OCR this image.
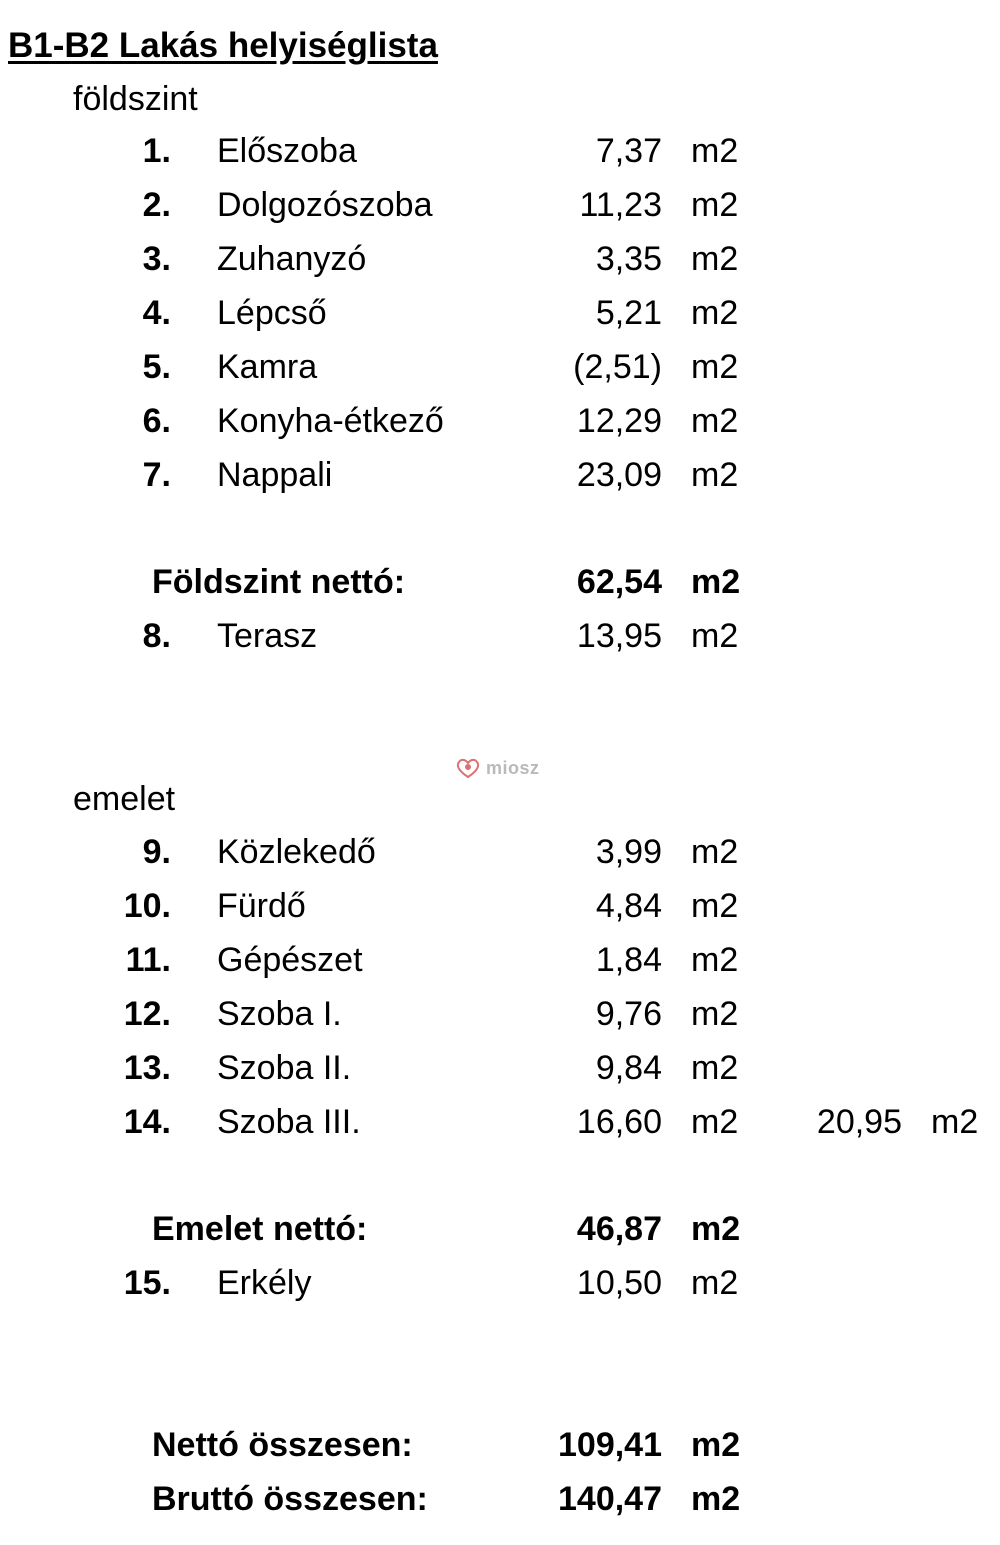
B1-B2 Lakás helyiséglista
földszint
1. Előszoba	7,37 m2
2. Dolgozószoba	11,23 m2
3. Zuhanyzó	3,35 m2
4. Lépcső	5,21 m2
5. Kamra	(2,51) m2
6. Konyha-étkező	12,29 m2
7. Nappali	23,09 m2
Földszint nettó:	62,54 m2
8. Terasz	13,95 m2
miosz
emelet
9. Közlekedő	3,99 m2
10. Fürdő	4,84 m2
11. Gépészet	1,84 m2
12. Szoba I.	9,76 m2
13. Szoba II.	9,84 m2
14. Szoba III.	16,60 m2 20,95 m2
Emelet nettó:	46,87 m2
15. Erkély	10,50 m2
Nettó összesen:	109,41 m2
Bruttó összesen:	140,47 m2
